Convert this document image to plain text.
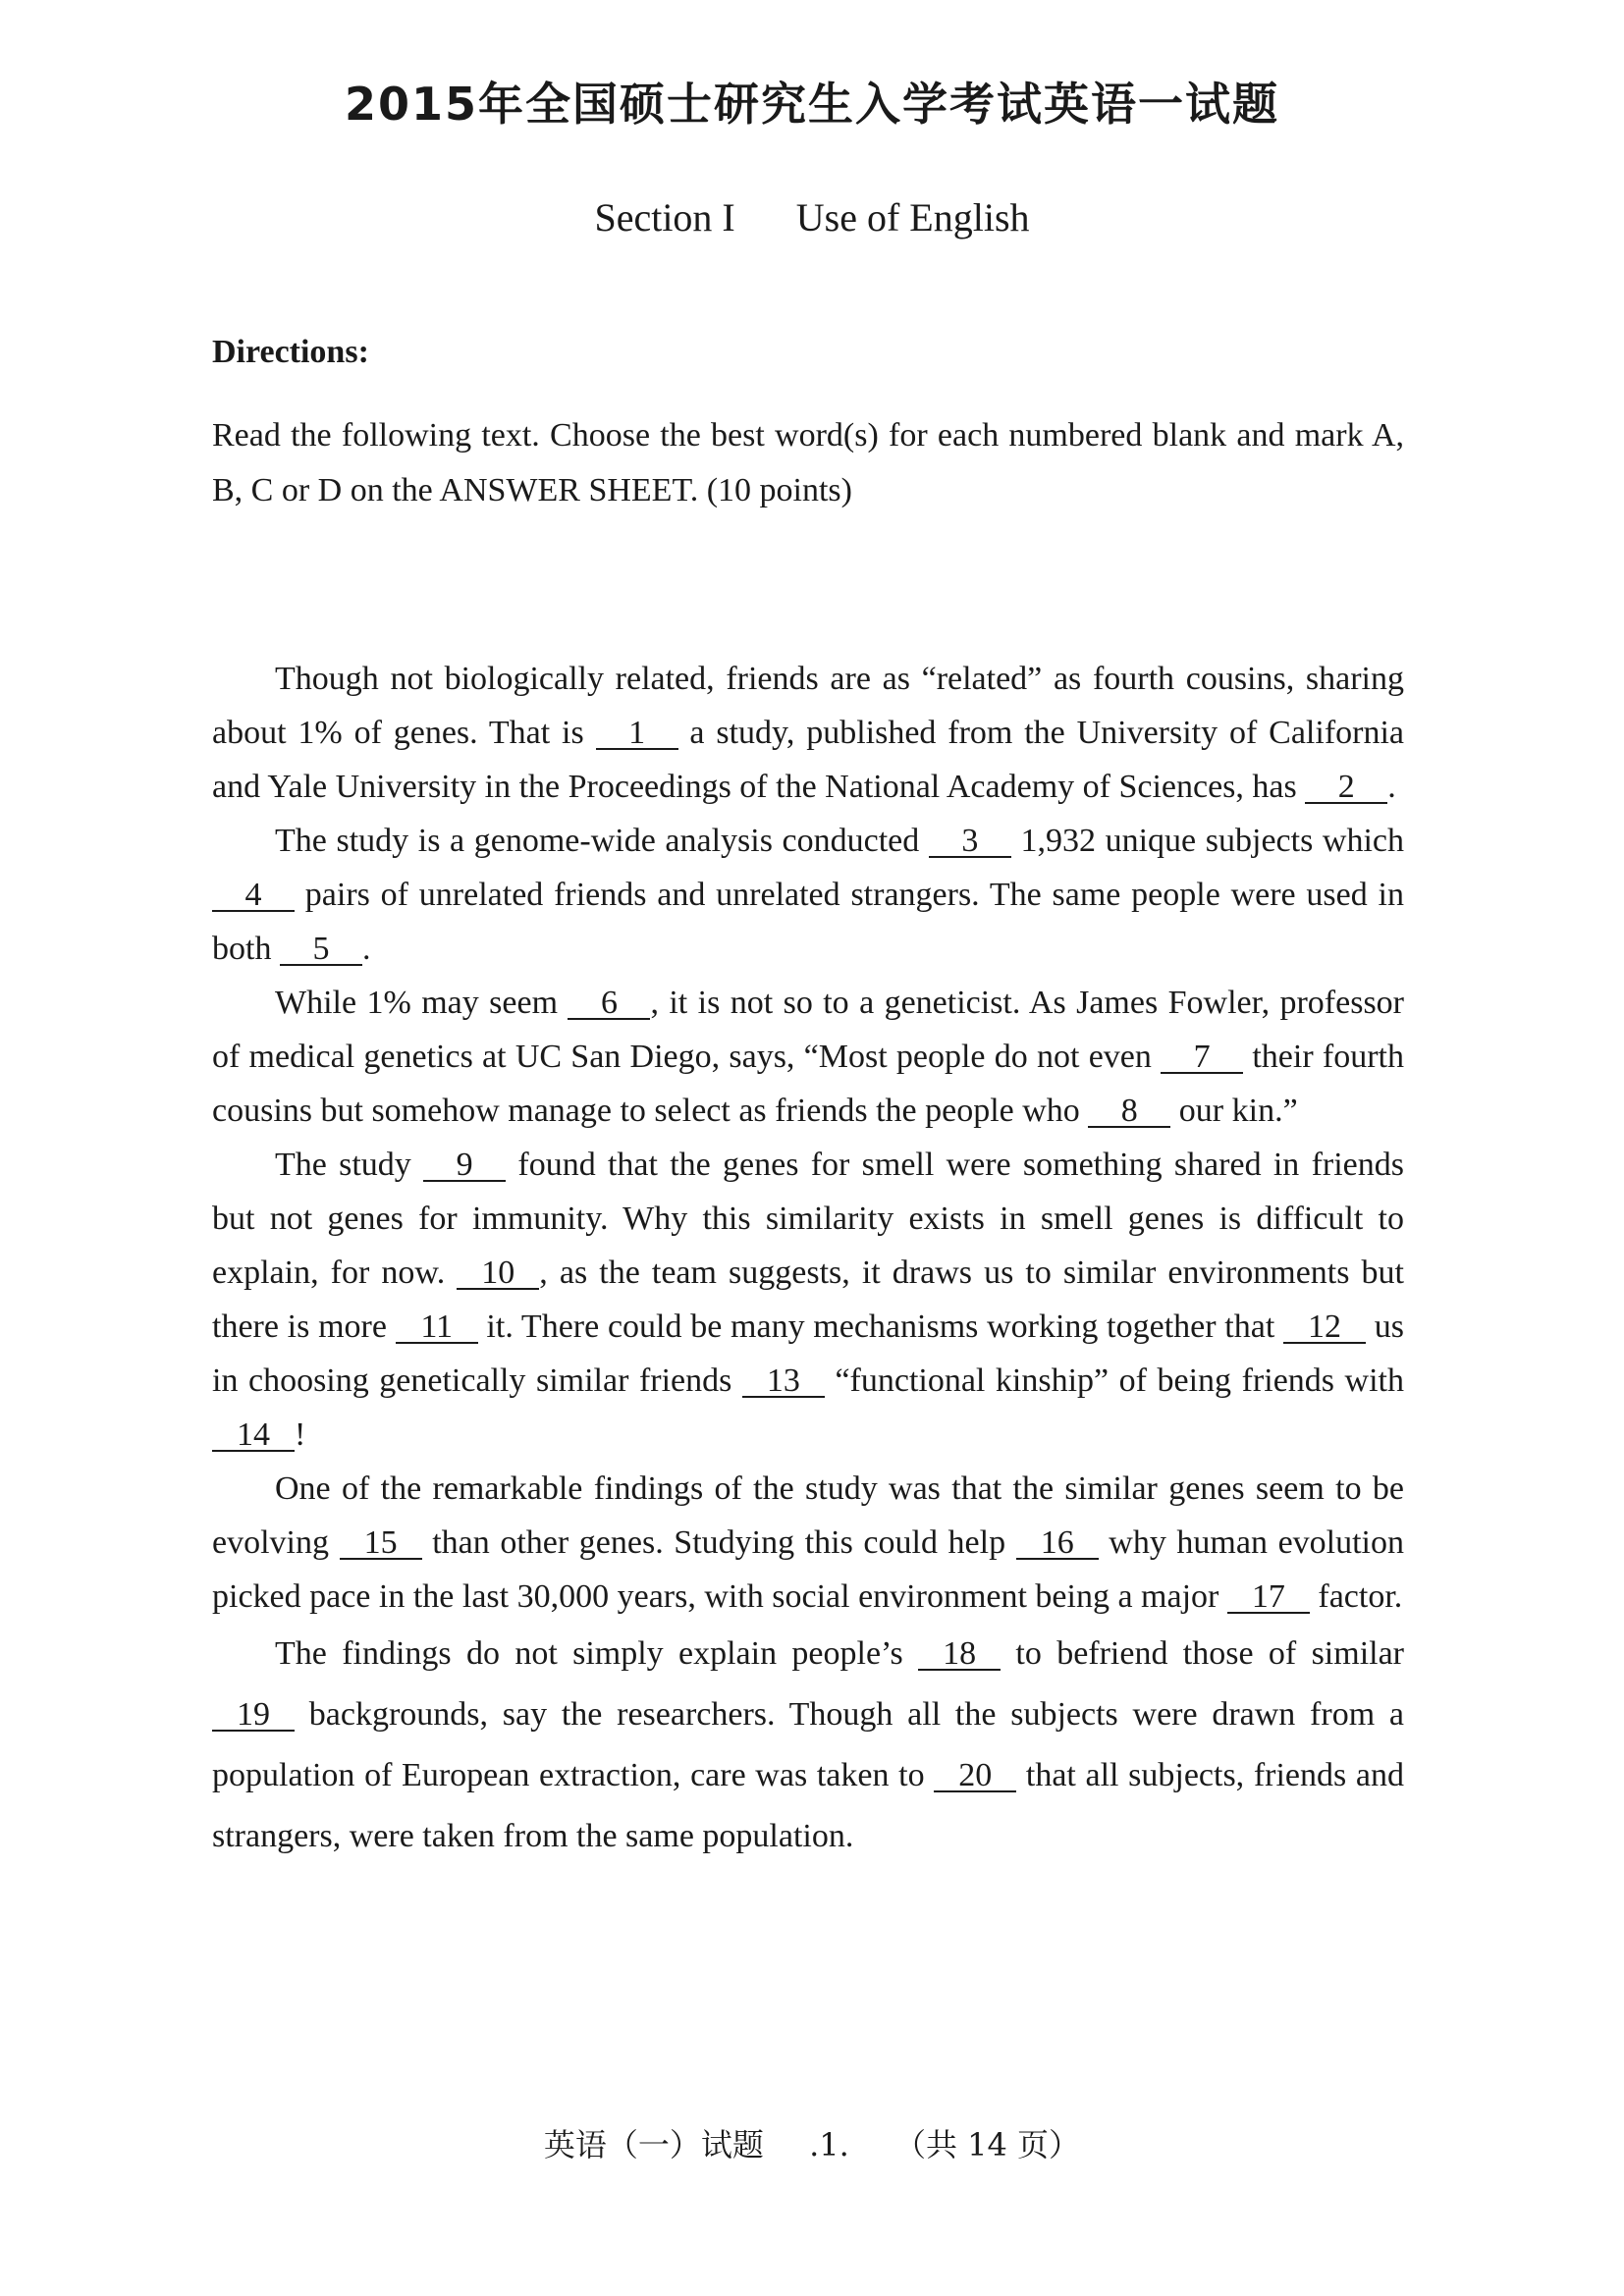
2015年全国硕士研究生入学考试英语一试题
Section I Use of English
Directions:
Read the following text. Choose the best word(s) for each numbered blank and mark A, B, C or D on the ANSWER SHEET. (10 points)

Though not biologically related, friends are as “related” as fourth cousins, sharing about 1% of genes. That is 1 a study, published from the University of California and Yale University in the Proceedings of the National Academy of Sciences, has 2 .

The study is a genome-wide analysis conducted 3 1,932 unique subjects which 4 pairs of unrelated friends and unrelated strangers. The same people were used in both 5 .

While 1% may seem 6 , it is not so to a geneticist. As James Fowler, professor of medical genetics at UC San Diego, says, “Most people do not even 7 their fourth cousins but somehow manage to select as friends the people who 8 our kin.”

The study 9 found that the genes for smell were something shared in friends but not genes for immunity. Why this similarity exists in smell genes is difficult to explain, for now. 10 , as the team suggests, it draws us to similar environments but there is more 11 it. There could be many mechanisms working together that 12 us in choosing genetically similar friends 13 “functional kinship” of being friends with 14 !

One of the remarkable findings of the study was that the similar genes seem to be evolving 15 than other genes. Studying this could help 16 why human evolution picked pace in the last 30,000 years, with social environment being a major 17 factor.

The findings do not simply explain people’s 18 to befriend those of similar 19 backgrounds, say the researchers. Though all the subjects were drawn from a population of European extraction, care was taken to 20 that all subjects, friends and strangers, were taken from the same population.

英语（一）试题 .1. （共 14 页）
